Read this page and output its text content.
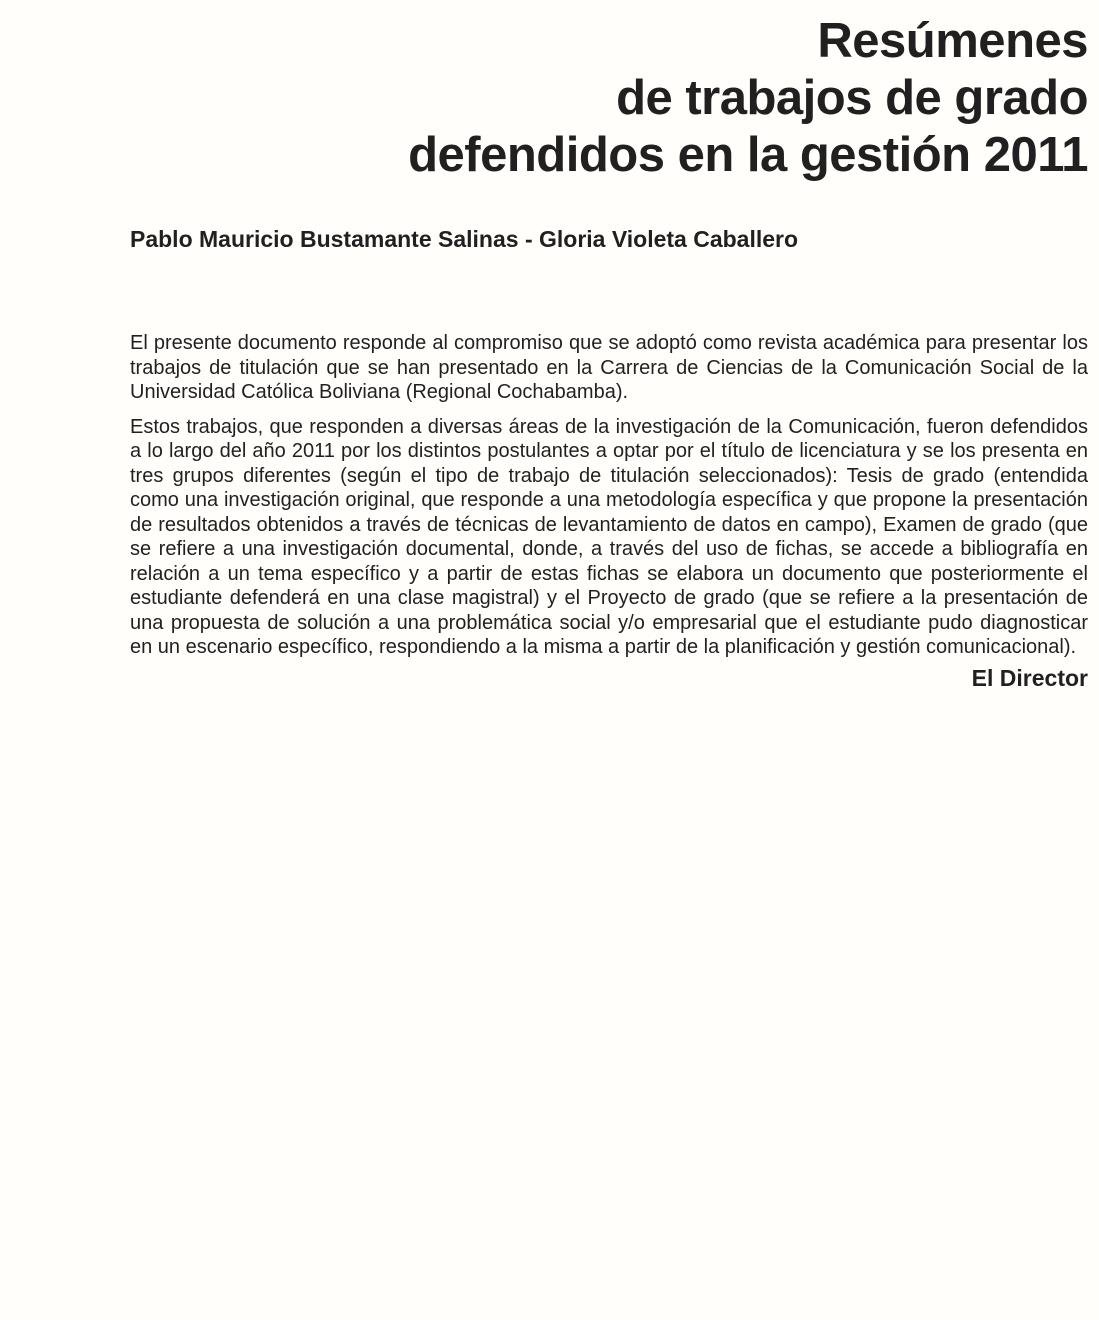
Resúmenes
de trabajos de grado
defendidos en la gestión 2011

Pablo Mauricio Bustamante Salinas - Gloria Violeta Caballero

El presente documento responde al compromiso que se adoptó como revista académica para presentar los trabajos de titulación que se han presentado en la Carrera de Ciencias de la Comunicación Social de la Universidad Católica Boliviana (Regional Cochabamba).

Estos trabajos, que responden a diversas áreas de la investigación de la Comunicación, fueron defendidos a lo largo del año 2011 por los distintos postulantes a optar por el título de licenciatura y se los presenta en tres grupos diferentes (según el tipo de trabajo de titulación seleccionados): Tesis de grado (entendida como una investigación original, que responde a una metodología específica y que propone la presentación de resultados obtenidos a través de técnicas de levantamiento de datos en campo), Examen de grado (que se refiere a una investigación documental, donde, a través del uso de fichas, se accede a bibliografía en relación a un tema específico y a partir de estas fichas se elabora un documento que posteriormente el estudiante defenderá en una clase magistral) y el Proyecto de grado (que se refiere a la presentación de una propuesta de solución a una problemática social y/o empresarial que el estudiante pudo diagnosticar en un escenario específico, respondiendo a la misma a partir de la planificación y gestión comunicacional).

El Director
